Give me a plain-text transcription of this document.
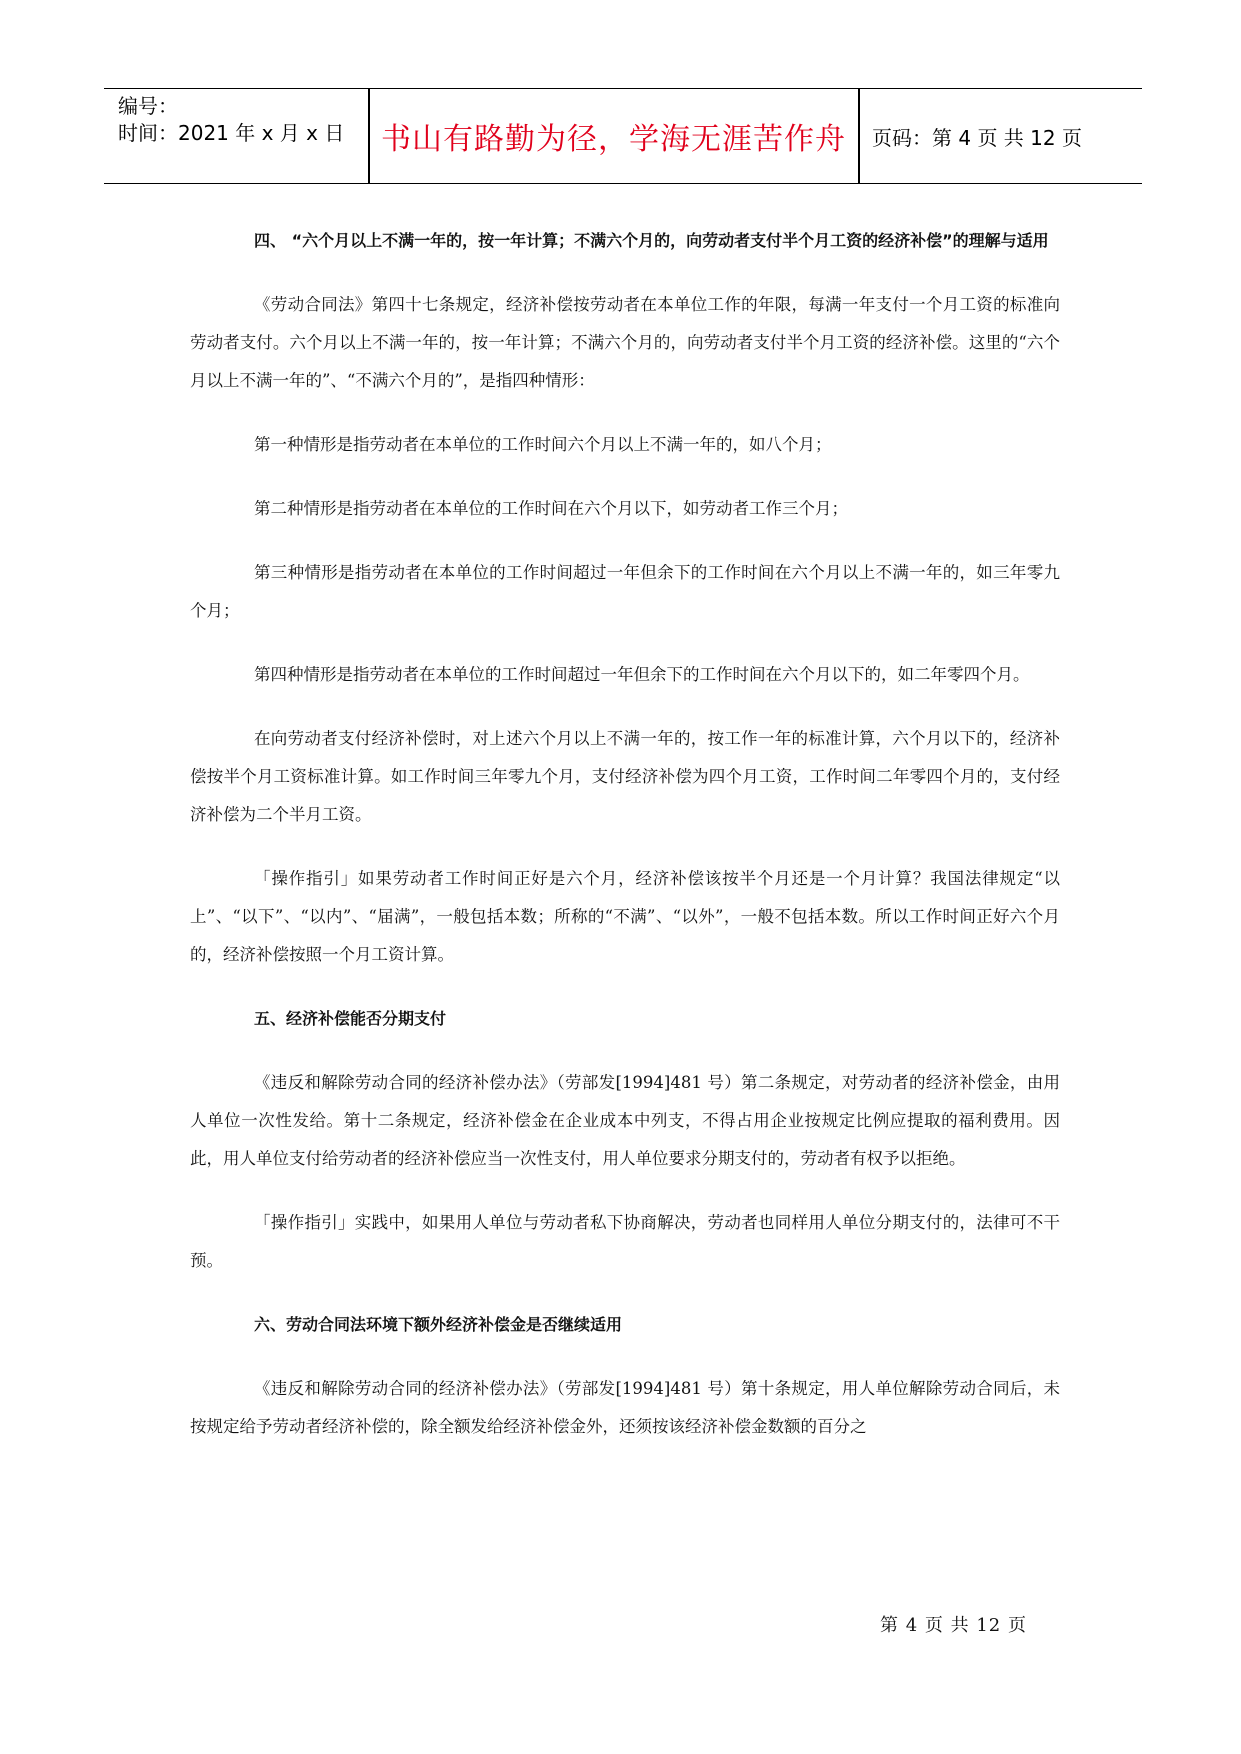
编号：
时间：2021 年 x 月 x 日	书山有路勤为径，学海无涯苦作舟	页码：第 4 页 共 12 页

四、 “六个月以上不满一年的，按一年计算；不满六个月的，向劳动者支付半个月工资的经济补偿”的理解与适用

《劳动合同法》第四十七条规定，经济补偿按劳动者在本单位工作的年限，每满一年支付一个月工资的标准向劳动者支付。六个月以上不满一年的，按一年计算；不满六个月的，向劳动者支付半个月工资的经济补偿。这里的“六个月以上不满一年的”、“不满六个月的”，是指四种情形：

第一种情形是指劳动者在本单位的工作时间六个月以上不满一年的，如八个月；

第二种情形是指劳动者在本单位的工作时间在六个月以下，如劳动者工作三个月；

第三种情形是指劳动者在本单位的工作时间超过一年但余下的工作时间在六个月以上不满一年的，如三年零九个月；

第四种情形是指劳动者在本单位的工作时间超过一年但余下的工作时间在六个月以下的，如二年零四个月。

在向劳动者支付经济补偿时，对上述六个月以上不满一年的，按工作一年的标准计算，六个月以下的，经济补偿按半个月工资标准计算。如工作时间三年零九个月，支付经济补偿为四个月工资，工作时间二年零四个月的，支付经济补偿为二个半月工资。

「操作指引」如果劳动者工作时间正好是六个月，经济补偿该按半个月还是一个月计算？我国法律规定“以上”、“以下”、“以内”、“届满”，一般包括本数；所称的“不满”、“以外”，一般不包括本数。所以工作时间正好六个月的，经济补偿按照一个月工资计算。

五、经济补偿能否分期支付

《违反和解除劳动合同的经济补偿办法》（劳部发[1994]481 号）第二条规定，对劳动者的经济补偿金，由用人单位一次性发给。第十二条规定，经济补偿金在企业成本中列支，不得占用企业按规定比例应提取的福利费用。因此，用人单位支付给劳动者的经济补偿应当一次性支付，用人单位要求分期支付的，劳动者有权予以拒绝。

「操作指引」实践中，如果用人单位与劳动者私下协商解决，劳动者也同样用人单位分期支付的，法律可不干预。

六、劳动合同法环境下额外经济补偿金是否继续适用

《违反和解除劳动合同的经济补偿办法》（劳部发[1994]481 号）第十条规定，用人单位解除劳动合同后，未按规定给予劳动者经济补偿的，除全额发给经济补偿金外，还须按该经济补偿金数额的百分之

第 4 页 共 12 页
